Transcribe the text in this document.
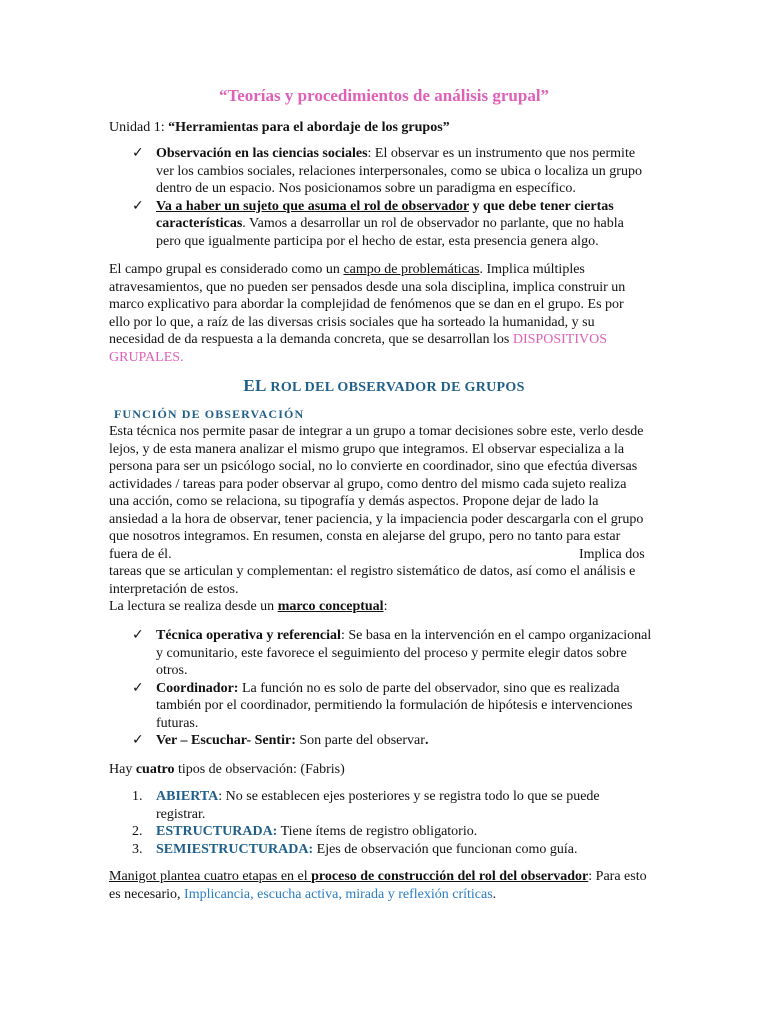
“Teorías y procedimientos de análisis grupal”

Unidad 1: “Herramientas para el abordaje de los grupos”

✓ Observación en las ciencias sociales: El observar es un instrumento que nos permite
ver los cambios sociales, relaciones interpersonales, como se ubica o localiza un grupo
dentro de un espacio. Nos posicionamos sobre un paradigma en específico.
✓ Va a haber un sujeto que asuma el rol de observador y que debe tener ciertas
características. Vamos a desarrollar un rol de observador no parlante, que no habla
pero que igualmente participa por el hecho de estar, esta presencia genera algo.

El campo grupal es considerado como un campo de problemáticas. Implica múltiples
atravesamientos, que no pueden ser pensados desde una sola disciplina, implica construir un
marco explicativo para abordar la complejidad de fenómenos que se dan en el grupo. Es por
ello por lo que, a raíz de las diversas crisis sociales que ha sorteado la humanidad, y su
necesidad de da respuesta a la demanda concreta, que se desarrollan los DISPOSITIVOS
GRUPALES.

EL ROL DEL OBSERVADOR DE GRUPOS
FUNCIÓN DE OBSERVACIÓN

Esta técnica nos permite pasar de integrar a un grupo a tomar decisiones sobre este, verlo desde
lejos, y de esta manera analizar el mismo grupo que integramos. El observar especializa a la
persona para ser un psicólogo social, no lo convierte en coordinador, sino que efectúa diversas
actividades / tareas para poder observar al grupo, como dentro del mismo cada sujeto realiza
una acción, como se relaciona, su tipografía y demás aspectos. Propone dejar de lado la
ansiedad a la hora de observar, tener paciencia, y la impaciencia poder descargarla con el grupo
que nosotros integramos. En resumen, consta en alejarse del grupo, pero no tanto para estar
fuera de él.	Implica dos

tareas que se articulan y complementan: el registro sistemático de datos, así como el análisis e
interpretación de estos.
La lectura se realiza desde un marco conceptual:

✓ Técnica operativa y referencial: Se basa en la intervención en el campo organizacional
y comunitario, este favorece el seguimiento del proceso y permite elegir datos sobre
otros.
✓ Coordinador: La función no es solo de parte del observador, sino que es realizada
también por el coordinador, permitiendo la formulación de hipótesis e intervenciones
futuras.
✓ Ver – Escuchar- Sentir: Son parte del observar.

Hay cuatro tipos de observación: (Fabris)

1. ABIERTA: No se establecen ejes posteriores y se registra todo lo que se puede
registrar.
2. ESTRUCTURADA: Tiene ítems de registro obligatorio.
3. SEMIESTRUCTURADA: Ejes de observación que funcionan como guía.

Manigot plantea cuatro etapas en el proceso de construcción del rol del observador: Para esto
es necesario, Implicancia, escucha activa, mirada y reflexión críticas.
